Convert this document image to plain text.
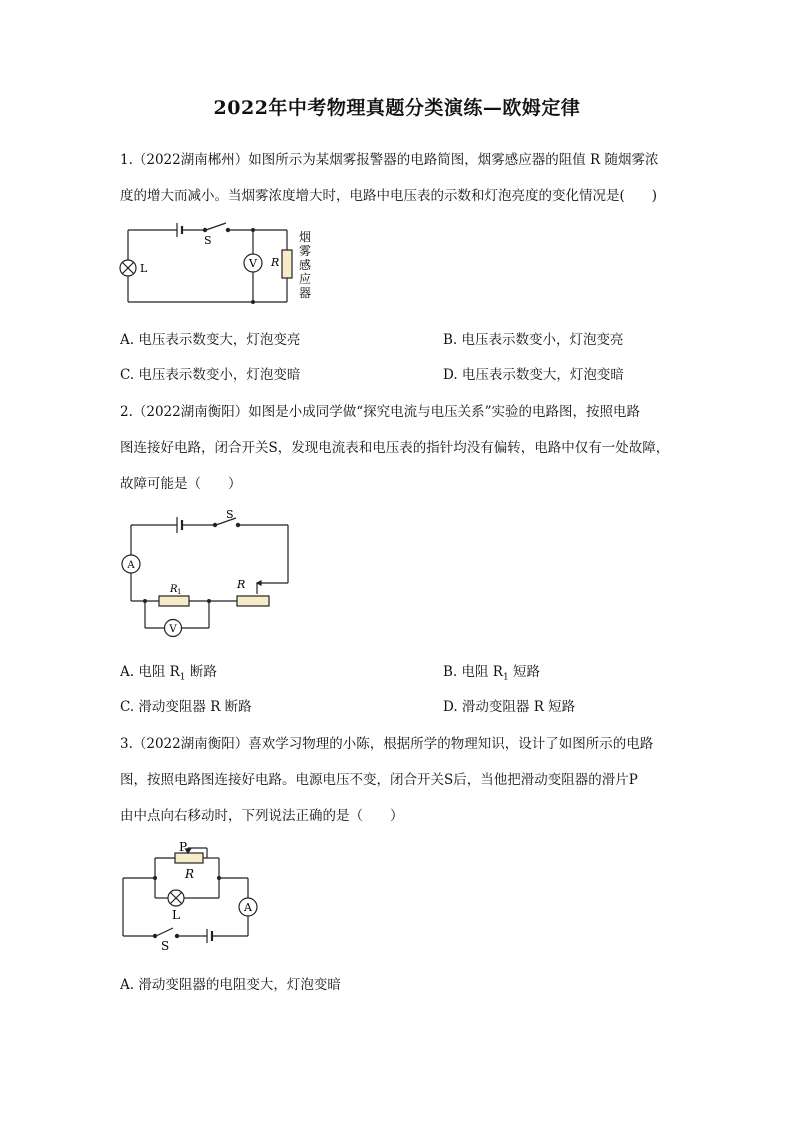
2022年中考物理真题分类演练—欧姆定律
1.（2022湖南郴州）如图所示为某烟雾报警器的电路简图，烟雾感应器的阻值 R 随烟雾浓
度的增大而减小。当烟雾浓度增大时，电路中电压表的示数和灯泡亮度的变化情况是(　　)
S
L	V R
烟
雾
感
应
器
A. 电压表示数变大，灯泡变亮	B. 电压表示数变小，灯泡变亮
C. 电压表示数变小，灯泡变暗	D. 电压表示数变大，灯泡变暗
2.（2022湖南衡阳）如图是小成同学做“探究电流与电压关系”实验的电路图，按照电路
图连接好电路，闭合开关S，发现电流表和电压表的指针均没有偏转，电路中仅有一处故障，
故障可能是（　　）
S
A
V
R 1
R
A. 电阻 $R_1$ 断路	B. 电阻 $R_1$ 短路
C. 滑动变阻器 R 断路	D. 滑动变阻器 R 短路
3.（2022湖南衡阳）喜欢学习物理的小陈，根据所学的物理知识，设计了如图所示的电路
图，按照电路图连接好电路。电源电压不变，闭合开关S后，当他把滑动变阻器的滑片P
由中点向右移动时，下列说法正确的是（　　）
P
R
L
A
S
A. 滑动变阻器的电阻变大，灯泡变暗
